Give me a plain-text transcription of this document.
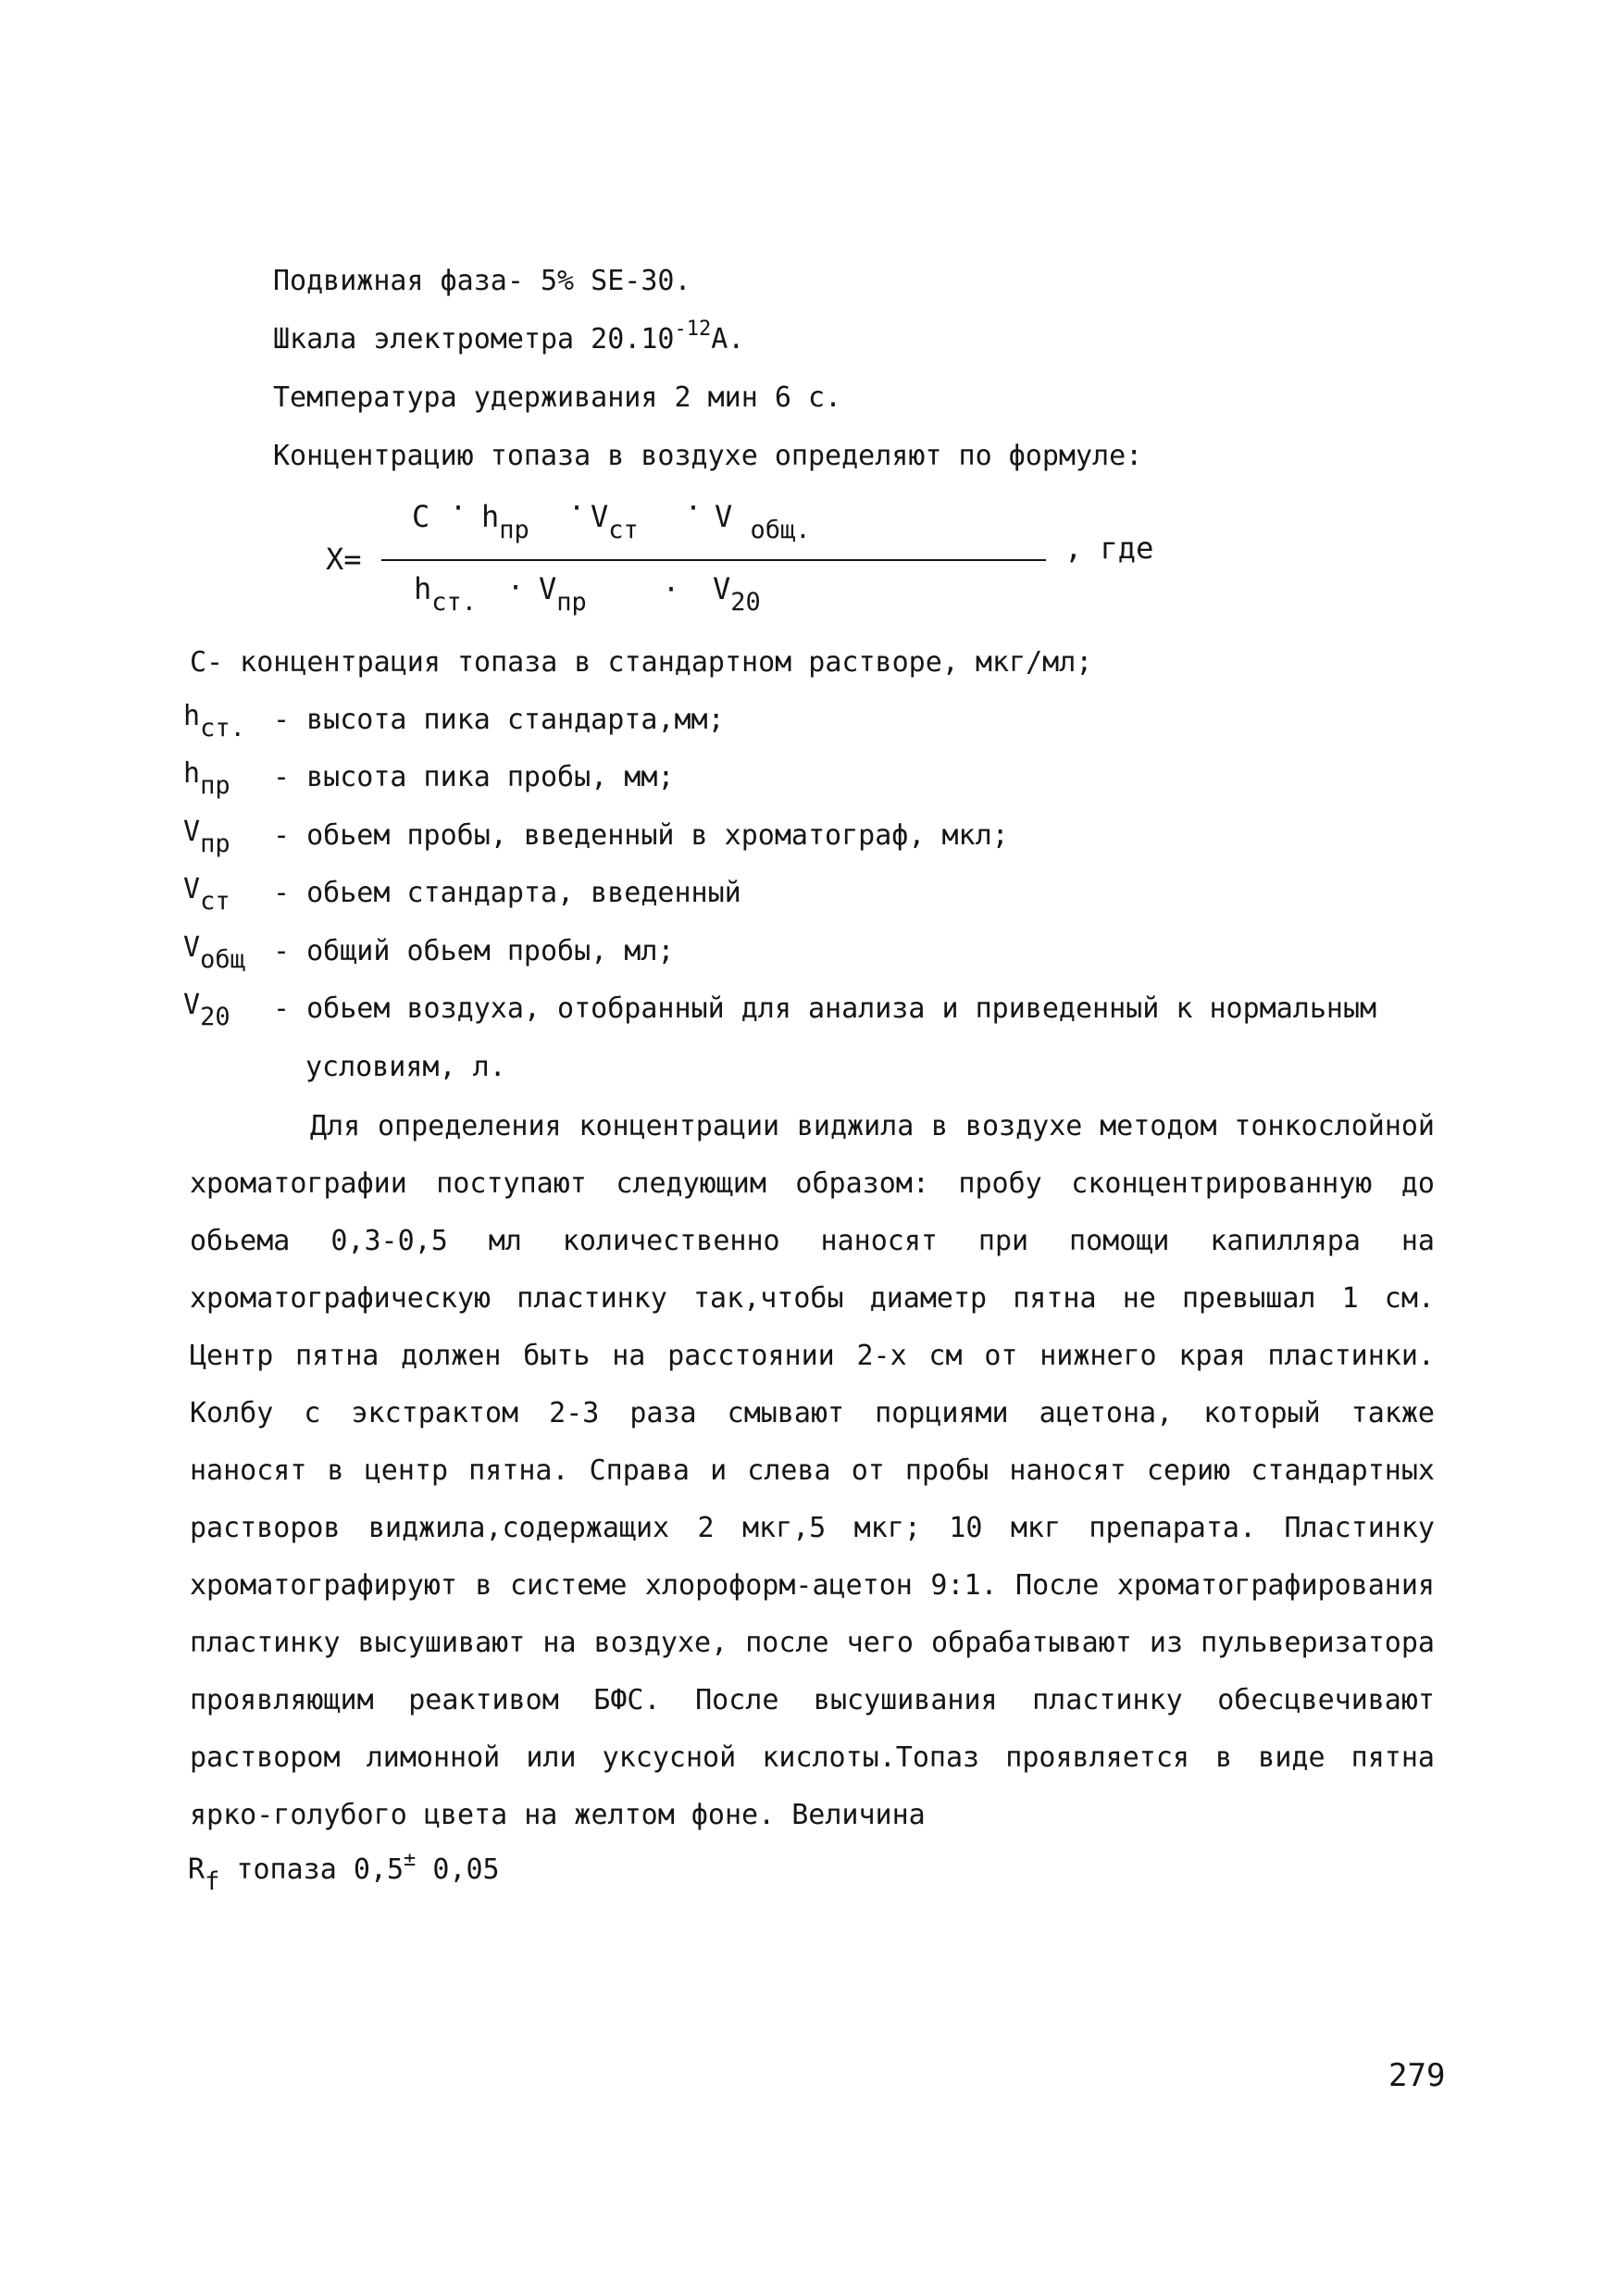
Подвижная фаза- 5% SE-30.
Шкала электрометра $20.10^{-12}А$.
Температура удерживания 2 мин 6 с.
Концентрацию топаза в воздухе определяют по формуле:
X=
$C \cdot h_{пр}$
· $V_{ст}$
· V $_{общ.}$
$h_{ст.} \cdot V_{пр}$	· $V_{20}$
, где
C- концентрация топаза в стандартном растворе, мкг/мл;
hст. - высота пика стандарта,мм;
hпр - высота пика пробы, мм;
Vпр - обьем пробы, введенный в хроматограф, мкл;
Vст - обьем стандарта, введенный
Vобщ - общий обьем пробы, мл;
V20 - обьем воздуха, отобранный для анализа и приведенный к нормальным
условиям, л.
Для определения концентрации виджила в воздухе методом тонкослойной хроматографии поступают следующим образом: пробу сконцентрированную до обьема 0,3-0,5 мл количественно наносят при помощи капилляра на хроматографическую пластинку так,чтобы диаметр пятна не превышал 1 см. Центр пятна должен быть на расстоянии 2-х см от нижнего края пластинки. Колбу с экстрактом 2-3 раза смывают порциями ацетона, который также наносят в центр пятна. Справа и слева от пробы наносят серию стандартных растворов виджила,содержащих 2 мкг,5 мкг; 10 мкг препарата. Пластинку хроматографируют в системе хлороформ-ацетон 9:1. После хроматографирования пластинку высушивают на воздухе, после чего обрабатывают из пульверизатора проявляющим реактивом БФС. После высушивания пластинку обесцвечивают раствором лимонной или уксусной кислоты.Топаз проявляется в виде пятна ярко-голубого цвета на желтом фоне. Величина
Rf топаза 0,5± 0,05
279
